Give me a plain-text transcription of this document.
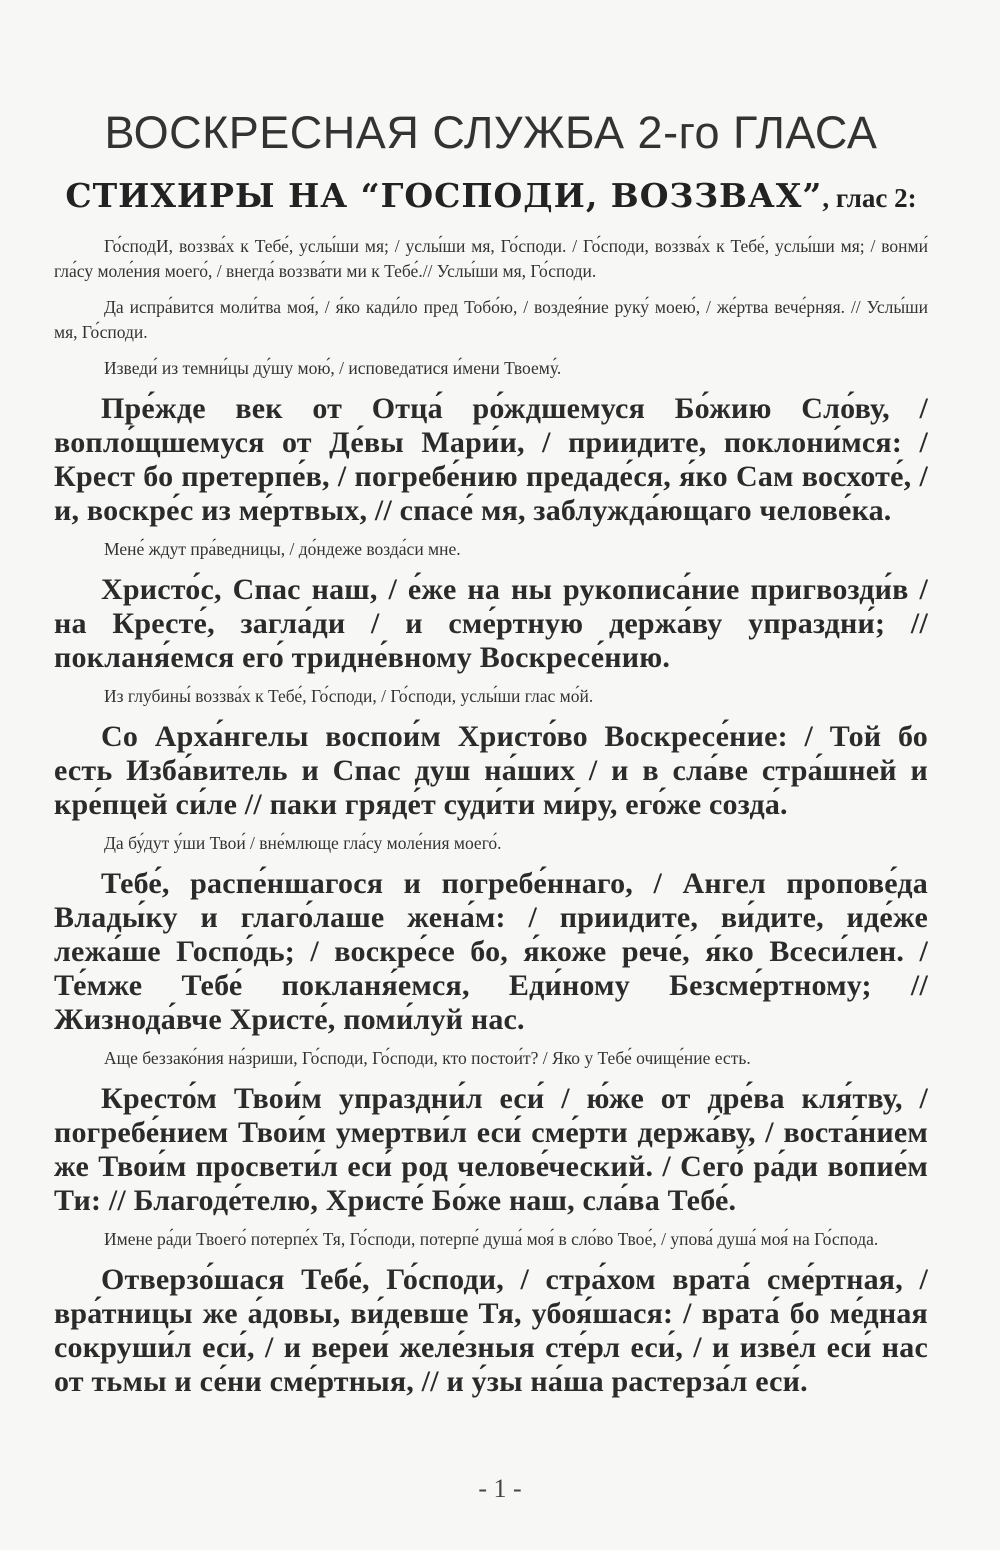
ВОСКРЕСНАЯ СЛУЖБА 2-го ГЛАСА
СТИХИРЫ НА “ГОСПОДИ, ВОЗЗВАХ”, глас 2:

Го́сподИ, воззва́х к Тебе́, услы́ши мя; / услы́ши мя, Го́споди. / Го́споди, воззва́х к Тебе́, услы́ши мя; / вонми́ гла́су моле́ния моего́, / внегда́ воззва́ти ми к Тебе́.// Услы́ши мя, Го́споди.

Да испра́вится моли́тва моя́, / я́ко кади́ло пред Тобо́ю, / воздея́ние руку́ моею́, / же́ртва вече́рняя. // Услы́ши мя, Го́споди.

Изведи́ из темни́цы ду́шу мою́, / исповедатися и́мени Твоему́.

Пре́жде век от Отца́ ро́ждшемуся Бо́жию Сло́ву, / вопло́щшемуся от Де́вы Мари́и, / приидите, поклони́мся: / Крест бо претерпе́в, / погребе́нию предаде́ся, я́ко Сам восхоте́, / и, воскре́с из ме́ртвых, // спасе́ мя, заблужда́ющаго челове́ка.

Мене́ ждут пра́ведницы, / до́ндеже возда́си мне.

Христо́с, Спас наш, / е́же на ны рукописа́ние пригвозди́в / на Кресте́, загла́ди / и сме́ртную держа́ву упраздни́; // покланя́емся его́ тридне́вному Воскресе́нию.

Из глубины́ воззва́х к Тебе́, Го́споди, / Го́споди, услы́ши глас мо́й.

Со Арха́нгелы воспои́м Христо́во Воскресе́ние: / Той бо есть Изба́витель и Спас душ на́ших / и в сла́ве стра́шней и кре́пцей си́ле // паки гряде́т суди́ти ми́ру, его́же созда́.

Да бу́дут у́ши Твои́ / вне́млюще гла́су моле́ния моего́.

Тебе́, распе́ншагося и погребе́ннаго, / Ангел пропове́да Влады́ку и глаго́лаше жена́м: / приидите, ви́дите, иде́же лежа́ше Госпо́дь; / воскре́се бо, я́коже рече́, я́ко Всеси́лен. / Те́мже Тебе́ покланя́емся, Еди́ному Безсме́ртному; // Жизнода́вче Христе́, поми́луй нас.

Аще беззако́ния на́зриши, Го́споди, Го́споди, кто постои́т? / Яко у Тебе́ очище́ние есть.

Кресто́м Твои́м упраздни́л еси́ / ю́же от дре́ва кля́тву, / погребе́нием Твои́м умертви́л еси́ сме́рти держа́ву, / воста́нием же Твои́м просвети́л еси́ род челове́ческий. / Сего́ ра́ди вопие́м Ти: // Благоде́телю, Христе́ Бо́же наш, сла́ва Тебе́.

Имене ра́ди Твоего́ потерпе́х Тя, Го́споди, потерпе́ душа́ моя́ в сло́во Твое́, / упова́ душа́ моя́ на Го́спода.

Отверзо́шася Тебе́, Го́споди, / стра́хом врата́ сме́ртная, / вра́тницы же а́довы, ви́девше Тя, убоя́шася: / врата́ бо ме́дная сокруши́л еси́, / и вереи́ желе́зныя сте́рл еси́, / и изве́л еси́ нас от тьмы и се́ни сме́ртныя, // и у́зы на́ша растерза́л еси́.

- 1 -
